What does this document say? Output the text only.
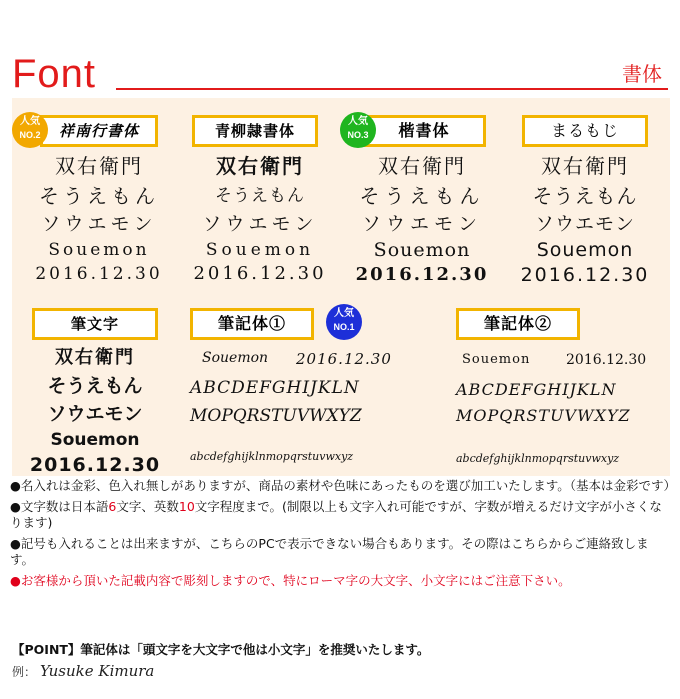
Font	書体
祥南行書体
人気
NO.2
双右衛門
そうえもん
ソウエモン
Souemon
2016.12.30
青柳隷書体
双右衛門
そうえもん
ソウエモン
Souemon
2016.12.30
楷書体
人気
NO.3
双右衛門
そうえもん
ソウエモン
Souemon
2016.12.30
まるもじ
双右衛門
そうえもん
ソウエモン
Souemon
2016.12.30
筆文字
双右衛門
そうえもん
ソウエモン
Souemon
2016.12.30
筆記体①
人気
NO.1
Souemon 2016.12.30
ABCDEFGHIJKLN
MOPQRSTUVWXYZ
abcdefghijklnmopqrstuvwxyz
筆記体②
Souemon	2016.12.30
ABCDEFGHIJKLN
MOPQRSTUVWXYZ
abcdefghijklnmopqrstuvwxyz

●名入れは金彩、色入れ無しがありますが、商品の素材や色味にあったものを選び加工いたします。（基本は金彩です）

●文字数は日本語6文字、英数10文字程度まで。(制限以上も文字入れ可能ですが、字数が増えるだけ文字が小さくなります)

●記号も入れることは出来ますが、こちらのPCで表示できない場合もあります。その際はこちらからご連絡致します。

●お客様から頂いた記載内容で彫刻しますので、特にローマ字の大文字、小文字にはご注意下さい。

【POINT】筆記体は「頭文字を大文字で他は小文字」を推奨いたします。
例： Yusuke Kimura
